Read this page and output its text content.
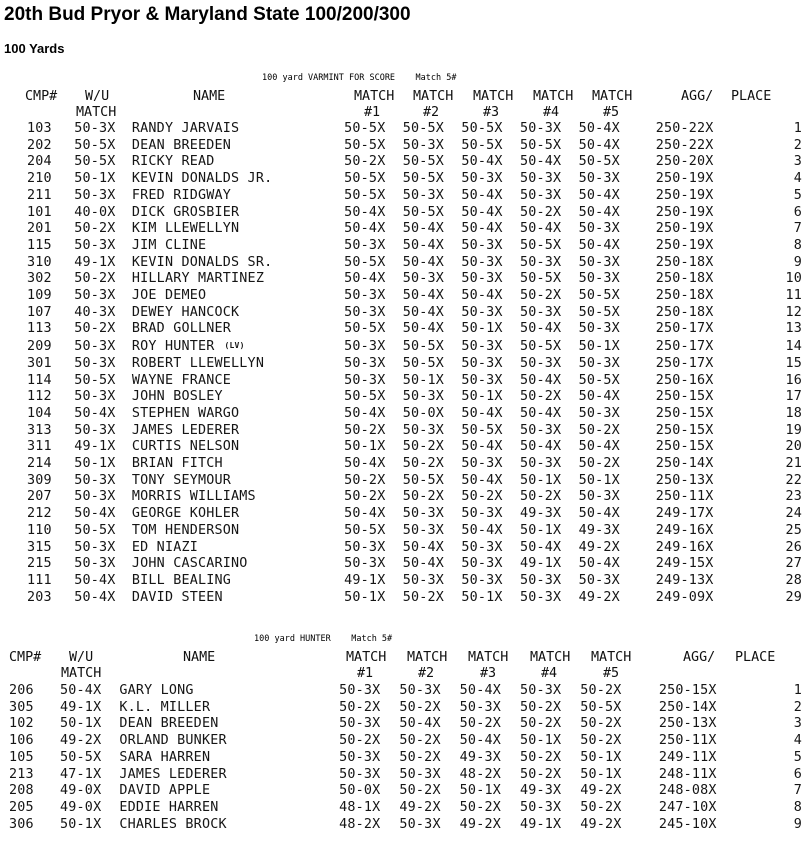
20th Bud Pryor & Maryland State 100/200/300
100 Yards
100 yard VARMINT FOR SCORE    Match 5#
CMP# W/U
MATCH
NAME	MATCH MATCH MATCH MATCH MATCH
#1	#2	#3	#4	#5
AGG/ PLACE
103	50-3X	RANDY JARVAIS	50-5X	50-5X	50-5X	50-3X	50-4X	250-22X	1
202	50-5X	DEAN BREEDEN	50-5X	50-3X	50-5X	50-5X	50-4X	250-22X	2
204	50-5X	RICKY READ	50-2X	50-5X	50-4X	50-4X	50-5X	250-20X	3
210	50-1X	KEVIN DONALDS JR.	50-5X	50-5X	50-3X	50-3X	50-3X	250-19X	4
211	50-3X	FRED RIDGWAY	50-5X	50-3X	50-4X	50-3X	50-4X	250-19X	5
101	40-0X	DICK GROSBIER	50-4X	50-5X	50-4X	50-2X	50-4X	250-19X	6
201	50-2X	KIM LLEWELLYN	50-4X	50-4X	50-4X	50-4X	50-3X	250-19X	7
115	50-3X	JIM CLINE	50-3X	50-4X	50-3X	50-5X	50-4X	250-19X	8
310	49-1X	KEVIN DONALDS SR.	50-5X	50-4X	50-3X	50-3X	50-3X	250-18X	9
302	50-2X	HILLARY MARTINEZ	50-4X	50-3X	50-3X	50-5X	50-3X	250-18X	10
109	50-3X	JOE DEMEO	50-3X	50-4X	50-4X	50-2X	50-5X	250-18X	11
107	40-3X	DEWEY HANCOCK	50-3X	50-4X	50-3X	50-3X	50-5X	250-18X	12
113	50-2X	BRAD GOLLNER	50-5X	50-4X	50-1X	50-4X	50-3X	250-17X	13
209	50-3X	ROY HUNTER (LV)	50-3X	50-5X	50-3X	50-5X	50-1X	250-17X	14
301	50-3X	ROBERT LLEWELLYN	50-3X	50-5X	50-3X	50-3X	50-3X	250-17X	15
114	50-5X	WAYNE FRANCE	50-3X	50-1X	50-3X	50-4X	50-5X	250-16X	16
112	50-3X	JOHN BOSLEY	50-5X	50-3X	50-1X	50-2X	50-4X	250-15X	17
104	50-4X	STEPHEN WARGO	50-4X	50-0X	50-4X	50-4X	50-3X	250-15X	18
313	50-3X	JAMES LEDERER	50-2X	50-3X	50-5X	50-3X	50-2X	250-15X	19
311	49-1X	CURTIS NELSON	50-1X	50-2X	50-4X	50-4X	50-4X	250-15X	20
214	50-1X	BRIAN FITCH	50-4X	50-2X	50-3X	50-3X	50-2X	250-14X	21
309	50-3X	TONY SEYMOUR	50-2X	50-5X	50-4X	50-1X	50-1X	250-13X	22
207	50-3X	MORRIS WILLIAMS	50-2X	50-2X	50-2X	50-2X	50-3X	250-11X	23
212	50-4X	GEORGE KOHLER	50-4X	50-3X	50-3X	49-3X	50-4X	249-17X	24
110	50-5X	TOM HENDERSON	50-5X	50-3X	50-4X	50-1X	49-3X	249-16X	25
315	50-3X	ED NIAZI	50-3X	50-4X	50-3X	50-4X	49-2X	249-16X	26
215	50-3X	JOHN CASCARINO	50-3X	50-4X	50-3X	49-1X	50-4X	249-15X	27
111	50-4X	BILL BEALING	49-1X	50-3X	50-3X	50-3X	50-3X	249-13X	28
203	50-4X	DAVID STEEN	50-1X	50-2X	50-1X	50-3X	49-2X	249-09X	29
100 yard HUNTER    Match 5#
CMP# W/U
MATCH
NAME	MATCH MATCH MATCH MATCH MATCH
#1	#2	#3	#4	#5
AGG/ PLACE
206	50-4X	GARY LONG	50-3X	50-3X	50-4X	50-3X	50-2X	250-15X	1
305	49-1X	K.L. MILLER	50-2X	50-2X	50-3X	50-2X	50-5X	250-14X	2
102	50-1X	DEAN BREEDEN	50-3X	50-4X	50-2X	50-2X	50-2X	250-13X	3
106	49-2X	ORLAND BUNKER	50-2X	50-2X	50-4X	50-1X	50-2X	250-11X	4
105	50-5X	SARA HARREN	50-3X	50-2X	49-3X	50-2X	50-1X	249-11X	5
213	47-1X	JAMES LEDERER	50-3X	50-3X	48-2X	50-2X	50-1X	248-11X	6
208	49-0X	DAVID APPLE	50-0X	50-2X	50-1X	49-3X	49-2X	248-08X	7
205	49-0X	EDDIE HARREN	48-1X	49-2X	50-2X	50-3X	50-2X	247-10X	8
306	50-1X	CHARLES BROCK	48-2X	50-3X	49-2X	49-1X	49-2X	245-10X	9
